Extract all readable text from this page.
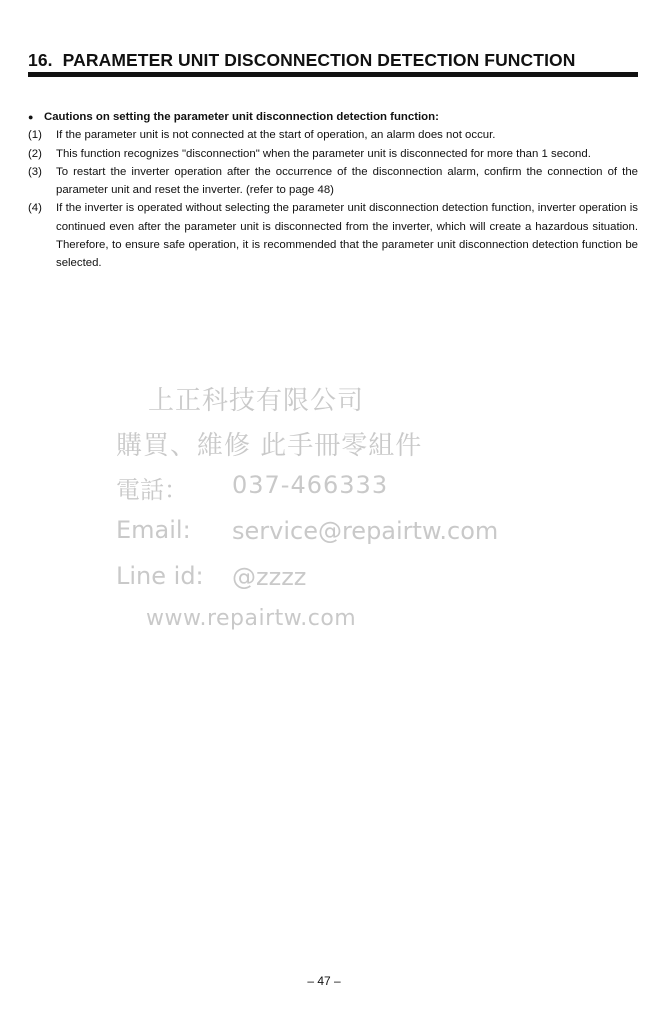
16. PARAMETER UNIT DISCONNECTION DETECTION FUNCTION
● Cautions on setting the parameter unit disconnection detection function:
(1)	If the parameter unit is not connected at the start of operation, an alarm does not occur.
(2)	This function recognizes "disconnection" when the parameter unit is disconnected for more than 1 second.
(3)	To restart the inverter operation after the occurrence of the disconnection alarm, confirm the connection of the parameter unit and reset the inverter. (refer to page 48)
(4)	If the inverter is operated without selecting the parameter unit disconnection detection function, inverter operation is continued even after the parameter unit is disconnected from the inverter, which will create a hazardous situation. Therefore, to ensure safe operation, it is recommended that the parameter unit disconnection detection function be selected.
上正科技有限公司
購買、維修 此手冊零組件
電話： 037-466333
Email: service@repairtw.com
Line id: @zzzz
www.repairtw.com
– 47 –
